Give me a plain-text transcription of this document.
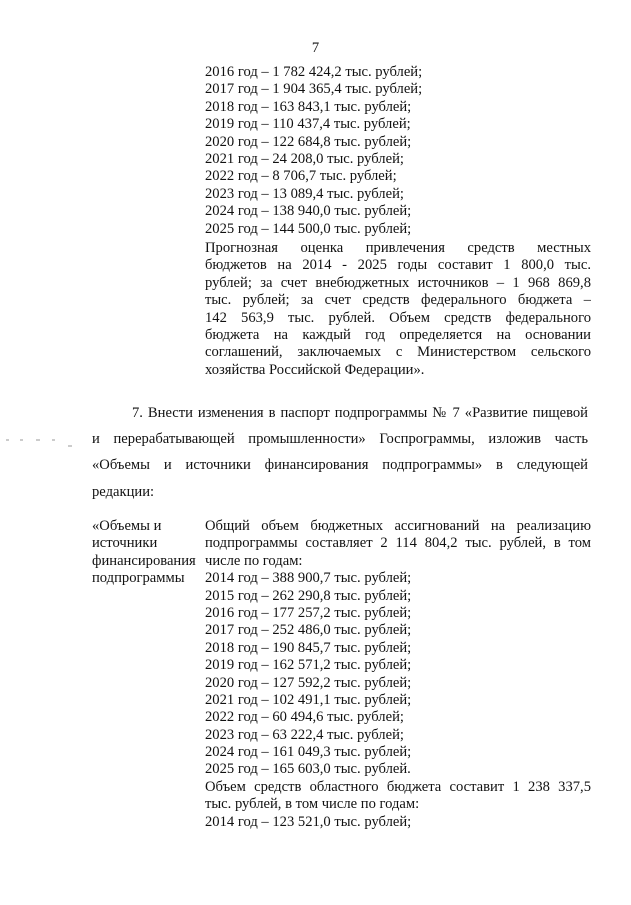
7
2016 год – 1 782 424,2 тыс. рублей;
2017 год – 1 904 365,4 тыс. рублей;
2018 год – 163 843,1 тыс. рублей;
2019 год – 110 437,4 тыс. рублей;
2020 год – 122 684,8 тыс. рублей;
2021 год – 24 208,0 тыс. рублей;
2022 год – 8 706,7 тыс. рублей;
2023 год – 13 089,4 тыс. рублей;
2024 год – 138 940,0 тыс. рублей;
2025 год – 144 500,0 тыс. рублей;
Прогнозная оценка привлечения средств местных
бюджетов на 2014 - 2025 годы составит 1 800,0 тыс.
рублей; за счет внебюджетных источников – 1 968 869,8
тыс. рублей; за счет средств федерального бюджета –
142 563,9 тыс. рублей. Объем средств федерального
бюджета на каждый год определяется на основании
соглашений, заключаемых с Министерством сельского
хозяйства Российской Федерации».
7. Внести изменения в паспорт подпрограммы № 7 «Развитие пищевой
и перерабатывающей промышленности» Госпрограммы, изложив часть
«Объемы и источники финансирования подпрограммы» в следующей
редакции:
«Объемы и
источники
финансирования
подпрограммы
Общий объем бюджетных ассигнований на реализацию
подпрограммы составляет 2 114 804,2 тыс. рублей, в том
числе по годам:
2014 год – 388 900,7 тыс. рублей;
2015 год – 262 290,8 тыс. рублей;
2016 год – 177 257,2 тыс. рублей;
2017 год – 252 486,0 тыс. рублей;
2018 год – 190 845,7 тыс. рублей;
2019 год – 162 571,2 тыс. рублей;
2020 год – 127 592,2 тыс. рублей;
2021 год – 102 491,1 тыс. рублей;
2022 год – 60 494,6 тыс. рублей;
2023 год – 63 222,4 тыс. рублей;
2024 год – 161 049,3 тыс. рублей;
2025 год – 165 603,0 тыс. рублей.
Объем средств областного бюджета составит 1 238 337,5
тыс. рублей, в том числе по годам:
2014 год – 123 521,0 тыс. рублей;
